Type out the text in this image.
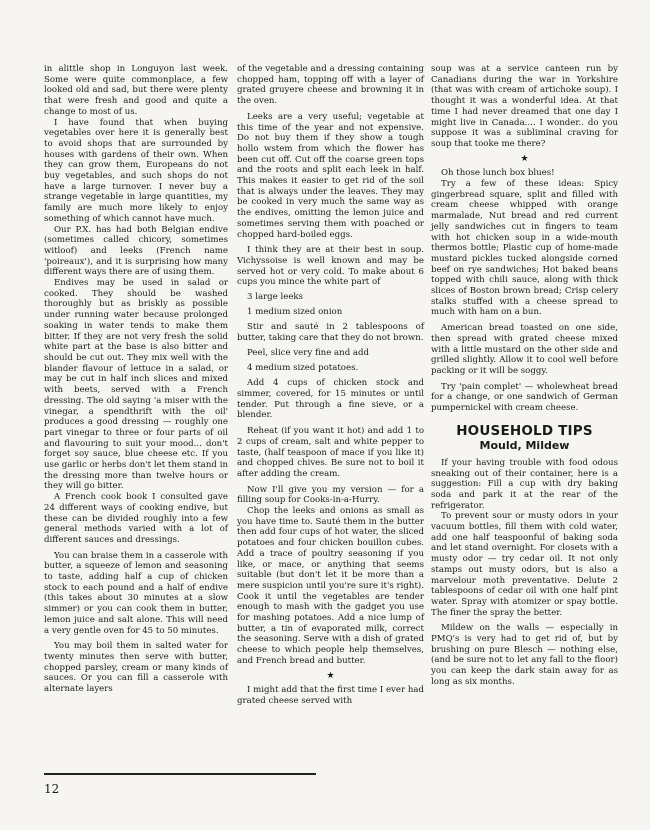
in alittle shop in Longuyon last week. Some were quite commonplace, a few looked old and sad, but there were plenty that were fresh and good and quite a change to most of us.

I have found that when buying vegetables over here it is generally best to avoid shops that are surrounded by houses with gardens of their own. When they can grow them, Europeans do not buy vegetables, and such shops do not have a large turnover. I never buy a strange vegetable in large quantities, my family are much more likely to enjoy something of which cannot have much.

Our P.X. has had both Belgian endive (sometimes called chicory, sometimes witloof) and leeks (French name 'poireaux'), and it is surprising how many different ways there are of using them.

Endives may be used in salad or cooked. They should be washed thoroughly but as briskly as possible under running water because prolonged soaking in water tends to make them bitter. If they are not very fresh the solid white part at the base is also bitter and should be cut out. They mix well with the blander flavour of lettuce in a salad, or may be cut in half inch slices and mixed with beets, served with a French dressing. The old saying 'a miser with the vinegar, a spendthrift with the oil' produces a good dressing — roughly one part vinegar to three or four parts of oil and flavouring to suit your mood... don't forget soy sauce, blue cheese etc. If you use garlic or herbs don't let them stand in the dressing more than twelve hours or they will go bitter.

A French cook book I consulted gave 24 different ways of cooking endive, but these can be divided roughly into a few general methods varied with a lot of different sauces and dressings.

You can braise them in a casserole with butter, a squeeze of lemon and seasoning to taste, adding half a cup of chicken stock to each pound and a half of endive (this takes about 30 minutes at a slow simmer) or you can cook them in butter, lemon juice and salt alone. This will need a very gentle oven for 45 to 50 minutes.

You may boil them in salted water for twenty minutes then serve with butter, chopped parsley, cream or many kinds of sauces. Or you can fill a casserole with alternate layers

of the vegetable and a dressing containing chopped ham, topping off with a layer of grated gruyere cheese and browning it in the oven.

Leeks are a very useful; vegetable at this time of the year and not expensive. Do not buy them if they show a tough hollo wstem from which the flower has been cut off. Cut off the coarse green tops and the roots and split each leek in half. This makes it easier to get rid of the soil that is always under the leaves. They may be cooked in very much the same way as the endives, omitting the lemon juice and sometimes serving them with poached or chopped hard-boiled eggs.

I think they are at their best in soup. Vichyssoise is well known and may be served hot or very cold. To make about 6 cups you mince the white part of

3 large leeks

1 medium sized onion

Stir and sauté in 2 tablespoons of butter, taking care that they do not brown.

Peel, slice very fine and add

4 medium sized potatoes.

Add 4 cups of chicken stock and simmer, covered, for 15 minutes or until tender. Put through a fine sieve, or a blender.

Reheat (if you want it hot) and add 1 to 2 cups of cream, salt and white pepper to taste, (half teaspoon of mace if you like it) and chopped chives. Be sure not to boil it after adding the cream.

Now I'll give you my version — for a filling soup for Cooks-in-a-Hurry.

Chop the leeks and onions as small as you have time to. Sauté them in the butter then add four cups of hot water, the sliced potatoes and four chicken bouillon cubes. Add a trace of poultry seasoning if you like, or mace, or anything that seems suitable (but don't let it be more than a mere suspicion until you're sure it's right). Cook it until the vegetables are tender enough to mash with the gadget you use for mashing potatoes. Add a nice lump of butter, a tin of evaporated milk, correct the seasoning. Serve with a dish of grated cheese to which people help themselves, and French bread and butter.

★

I might add that the first time I ever had grated cheese served with

soup was at a service canteen run by Canadians during the war in Yorkshire (that was with cream of artichoke soup). I thought it was a wonderful idea. At that time I had never dreamed that one day I might live in Canada.... I wonder.. do you suppose it was a subliminal craving for soup that tooke me there?

★

Oh those lunch box blues!

Try a few of these ideas: Spicy gingerbread square, split and filled with cream cheese whipped with orange marmalade, Nut bread and red current jelly sandwiches cut in fingers to team with hot chicken soup in a wide-mouth thermos bottle; Plastic cup of home-made mustard pickles tucked alongside corned beef on rye sandwiches; Hot baked beans topped with chili sauce, along with thick slices of Boston brown bread; Crisp celery stalks stuffed with a cheese spread to much with ham on a bun.

American bread toasted on one side, then spread with grated cheese mixed with a little mustard on the other side and grilled slightly. Allow it to cool well before packing or it will be soggy.

Try 'pain complet' — wholewheat bread for a change, or one sandwich of German pumpernickel with cream cheese.

HOUSEHOLD TIPS
Mould, Mildew

If your having trouble with food odous sneaking out of their container, here is a suggestion: Fill a cup with dry baking soda and park it at the rear of the refrigerator.

To prevent sour or musty odors in your vacuum bottles, fill them with cold water, add one half teaspoonful of baking soda and let stand overnight. For closets with a musty odor — try cedar oil. It not only stamps out musty odors, but is also a marvelour moth preventative. Delute 2 tablespoons of cedar oil with one half pint water. Spray with atomizer or spay bottle. The finer the spray the better.

Mildew on the walls — especially in PMQ's is very had to get rid of, but by brushing on pure Blesch — nothing else, (and be sure not to let any fall to the floor) you can keep the dark stain away for as long as six months.

12
